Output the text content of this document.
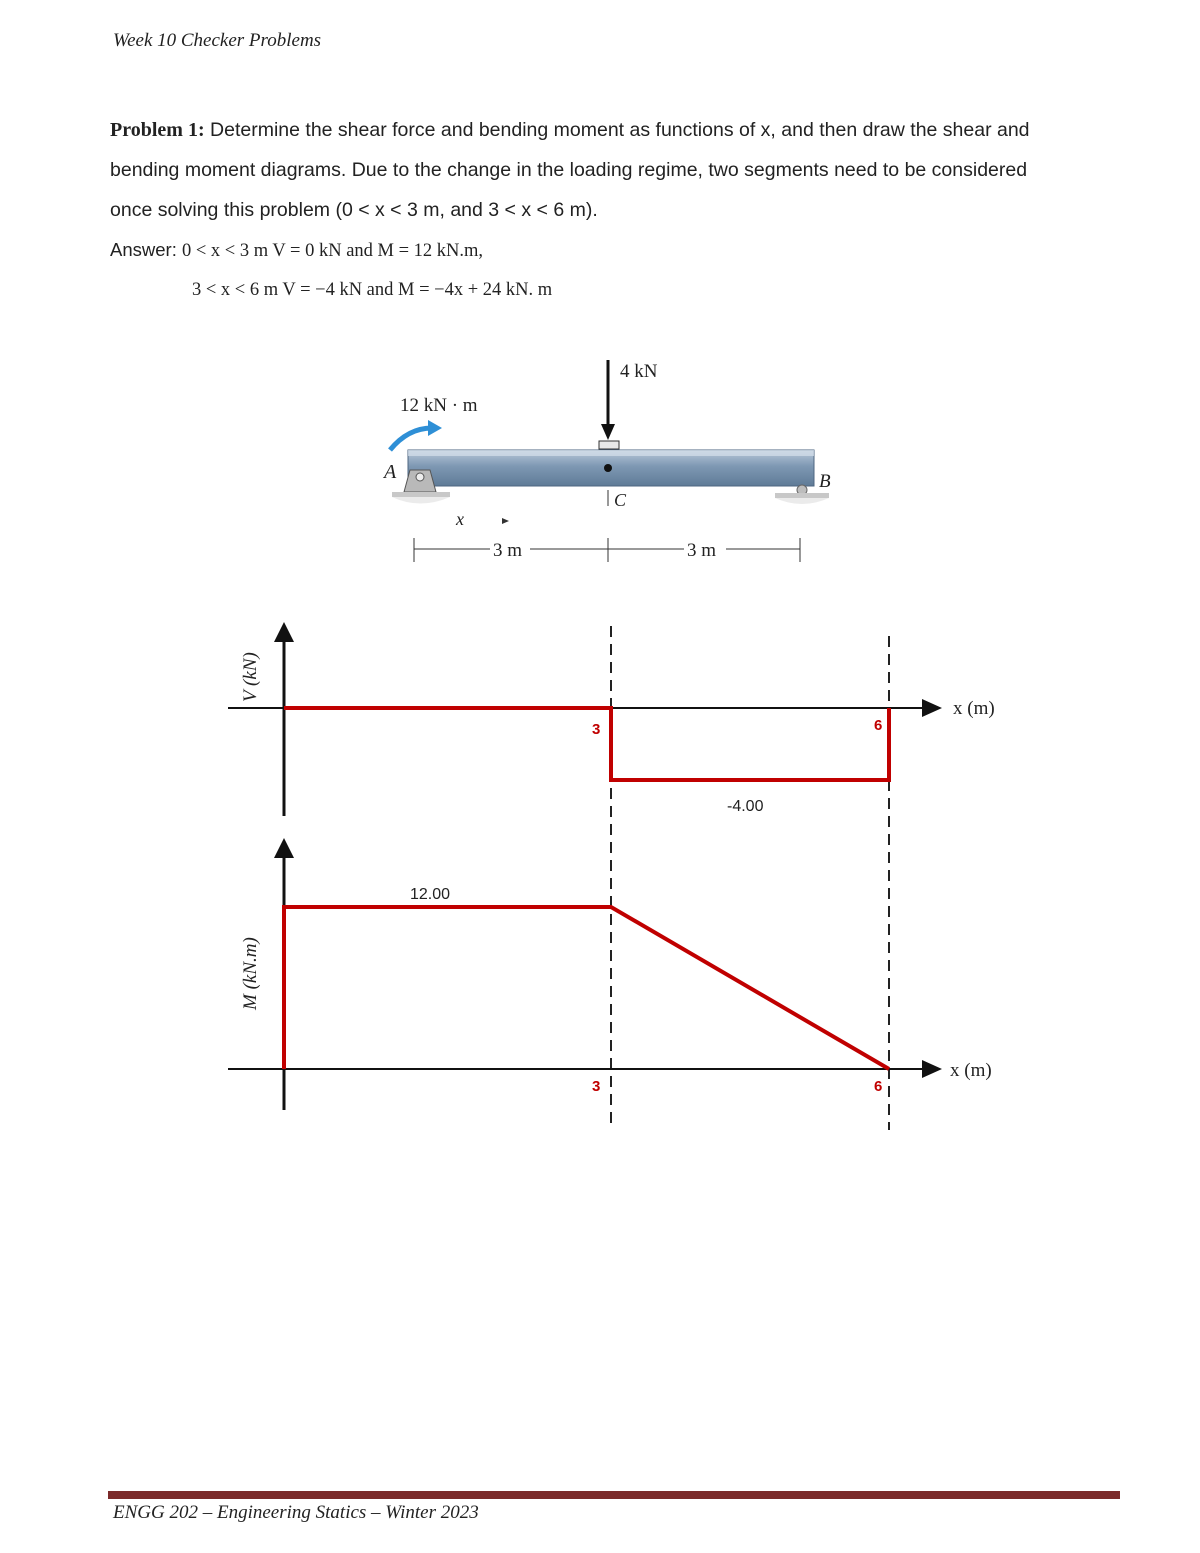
Week 10 Checker Problems
Problem 1: Determine the shear force and bending moment as functions of x, and then draw the shear and
bending moment diagrams. Due to the change in the loading regime, two segments need to be considered
once solving this problem (0 < x < 3 m, and 3 < x < 6 m).
Answer: 0 < x < 3 m V = 0 kN and M = 12 kN.m,
3 < x < 6 m V = −4 kN and M = −4x + 24 kN. m
4 kN
12 kN · m
A	B
C
x
3 m	3 m
V (kN)
x (m)
3	6
-4.00
M (kN.m)
x (m)
3	6
12.00
ENGG 202 – Engineering Statics – Winter 2023
